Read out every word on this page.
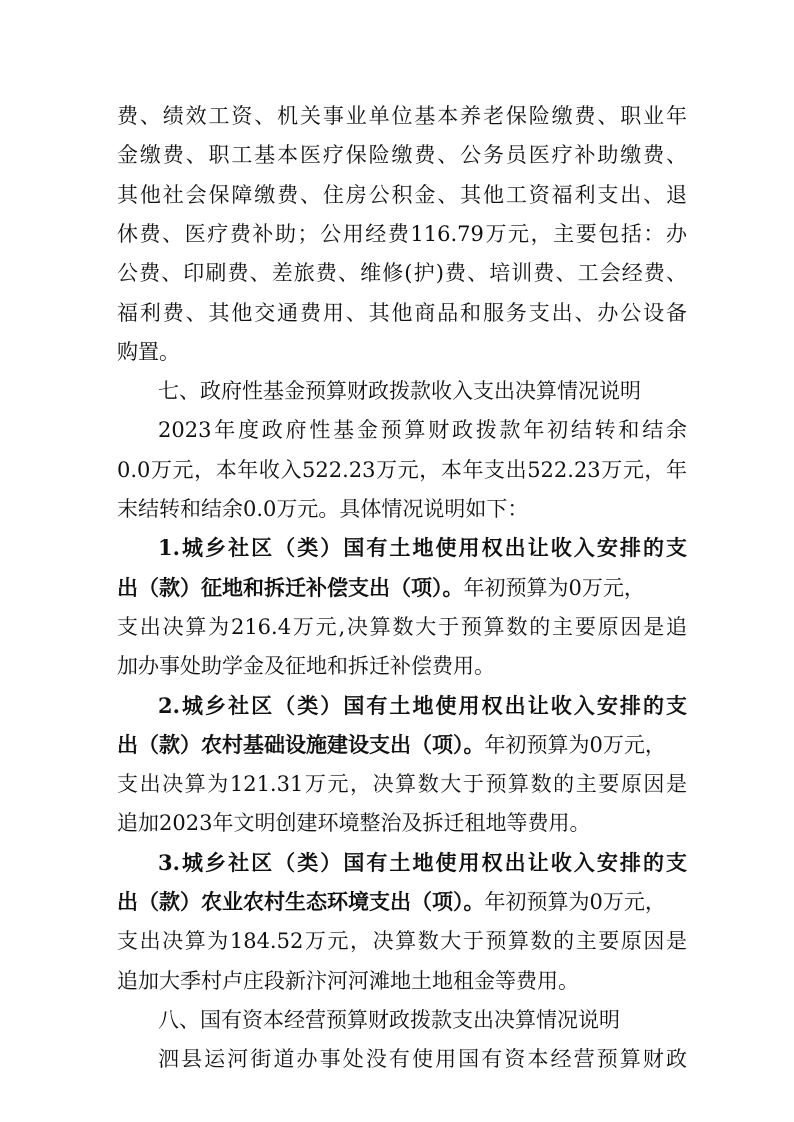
费、绩效工资、机关事业单位基本养老保险缴费、职业年
金缴费、职工基本医疗保险缴费、公务员医疗补助缴费、
其他社会保障缴费、住房公积金、其他工资福利支出、退
休费、医疗费补助；公用经费116.79万元，主要包括：办
公费、印刷费、差旅费、维修(护)费、培训费、工会经费、
福利费、其他交通费用、其他商品和服务支出、办公设备
购置。
七、政府性基金预算财政拨款收入支出决算情况说明
2023年度政府性基金预算财政拨款年初结转和结余
0.0万元，本年收入522.23万元，本年支出522.23万元，年
末结转和结余0.0万元。具体情况说明如下：
1.城乡社区（类）国有土地使用权出让收入安排的支
出（款）征地和拆迁补偿支出（项）。年初预算为0万元，
支出决算为216.4万元,决算数大于预算数的主要原因是追
加办事处助学金及征地和拆迁补偿费用。
2.城乡社区（类）国有土地使用权出让收入安排的支
出（款）农村基础设施建设支出（项）。年初预算为0万元，
支出决算为121.31万元，决算数大于预算数的主要原因是
追加2023年文明创建环境整治及拆迁租地等费用。
3.城乡社区（类）国有土地使用权出让收入安排的支
出（款）农业农村生态环境支出（项）。年初预算为0万元，
支出决算为184.52万元，决算数大于预算数的主要原因是
追加大季村卢庄段新汴河河滩地土地租金等费用。
八、国有资本经营预算财政拨款支出决算情况说明
泗县运河街道办事处没有使用国有资本经营预算财政
